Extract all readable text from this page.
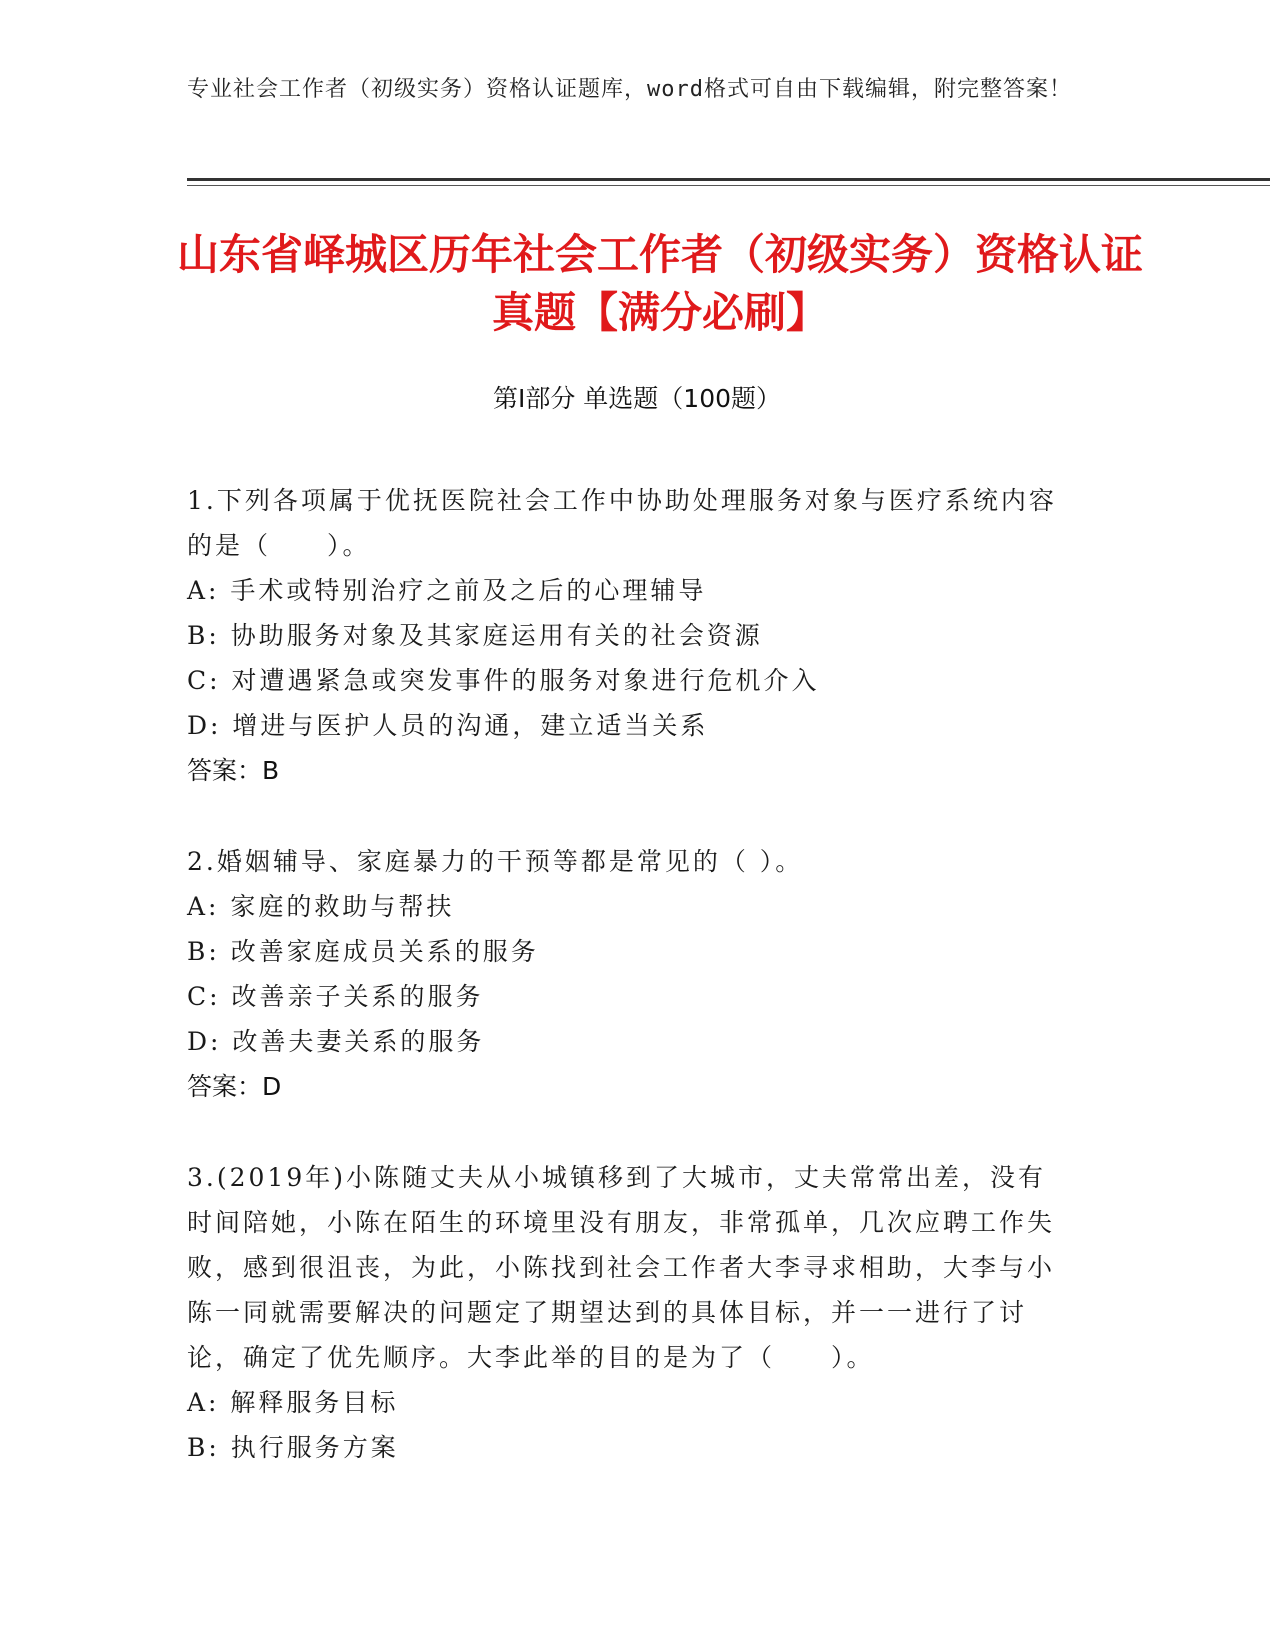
专业社会工作者（初级实务）资格认证题库，word格式可自由下载编辑，附完整答案！
山东省峄城区历年社会工作者（初级实务）资格认证真题【满分必刷】
第I部分 单选题（100题）
1.下列各项属于优抚医院社会工作中协助处理服务对象与医疗系统内容的是（　　）。
A: 手术或特别治疗之前及之后的心理辅导
B: 协助服务对象及其家庭运用有关的社会资源
C: 对遭遇紧急或突发事件的服务对象进行危机介入
D: 增进与医护人员的沟通，建立适当关系
答案：B
2.婚姻辅导、家庭暴力的干预等都是常见的（ ）。
A: 家庭的救助与帮扶
B: 改善家庭成员关系的服务
C: 改善亲子关系的服务
D: 改善夫妻关系的服务
答案：D
3.(2019年)小陈随丈夫从小城镇移到了大城市，丈夫常常出差，没有时间陪她，小陈在陌生的环境里没有朋友，非常孤单，几次应聘工作失败，感到很沮丧，为此，小陈找到社会工作者大李寻求相助，大李与小陈一同就需要解决的问题定了期望达到的具体目标，并一一进行了讨论，确定了优先顺序。大李此举的目的是为了（　　）。
A: 解释服务目标
B: 执行服务方案
